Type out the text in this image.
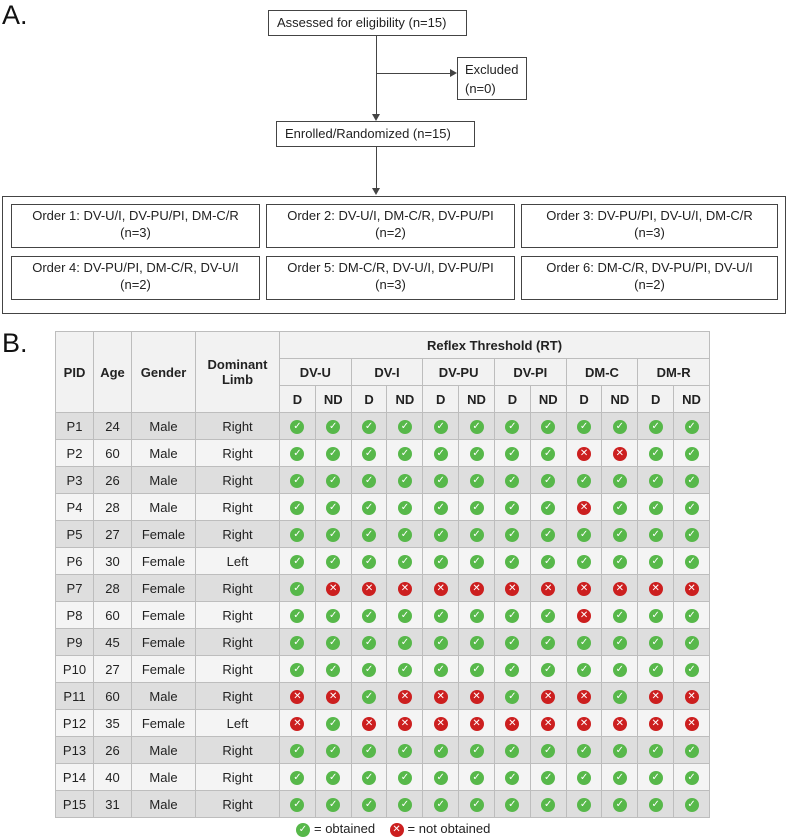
A.	Assessed for eligibility (n=15)
Excluded
(n=0)
Enrolled/Randomized (n=15)
Order 1: DV-U/I, DV-PU/PI, DM-C/R
(n=3)
Order 2: DV-U/I, DM-C/R, DV-PU/PI
(n=2)
Order 3: DV-PU/PI, DV-U/I, DM-C/R
(n=3)
Order 4: DV-PU/PI, DM-C/R, DV-U/I
(n=2)
Order 5: DM-C/R, DV-U/I, DV-PU/PI
(n=3)
Order 6: DM-C/R, DV-PU/PI, DV-U/I
(n=2)
B.
PID	Age	Gender	Dominant
Limb	Reflex Threshold (RT)											
				DV-U		DV-I		DV-PU		DV-PI		DM-C		DM-R	
				D	ND	D	ND	D	ND	D	ND	D	ND	D	ND
P1	24	Male	Right	✓	✓	✓	✓	✓	✓	✓	✓	✓	✓	✓	✓
P2	60	Male	Right	✓	✓	✓	✓	✓	✓	✓	✓	✕	✕	✓	✓
P3	26	Male	Right	✓	✓	✓	✓	✓	✓	✓	✓	✓	✓	✓	✓
P4	28	Male	Right	✓	✓	✓	✓	✓	✓	✓	✓	✕	✓	✓	✓
P5	27	Female	Right	✓	✓	✓	✓	✓	✓	✓	✓	✓	✓	✓	✓
P6	30	Female	Left	✓	✓	✓	✓	✓	✓	✓	✓	✓	✓	✓	✓
P7	28	Female	Right	✓	✕	✕	✕	✕	✕	✕	✕	✕	✕	✕	✕
P8	60	Female	Right	✓	✓	✓	✓	✓	✓	✓	✓	✕	✓	✓	✓
P9	45	Female	Right	✓	✓	✓	✓	✓	✓	✓	✓	✓	✓	✓	✓
P10	27	Female	Right	✓	✓	✓	✓	✓	✓	✓	✓	✓	✓	✓	✓
P11	60	Male	Right	✕	✕	✓	✕	✕	✕	✓	✕	✕	✓	✕	✕
P12	35	Female	Left	✕	✓	✕	✕	✕	✕	✕	✕	✕	✕	✕	✕
P13	26	Male	Right	✓	✓	✓	✓	✓	✓	✓	✓	✓	✓	✓	✓
P14	40	Male	Right	✓	✓	✓	✓	✓	✓	✓	✓	✓	✓	✓	✓
P15	31	Male	Right	✓	✓	✓	✓	✓	✓	✓	✓	✓	✓	✓	✓
✓ = obtained ✕ = not obtained
